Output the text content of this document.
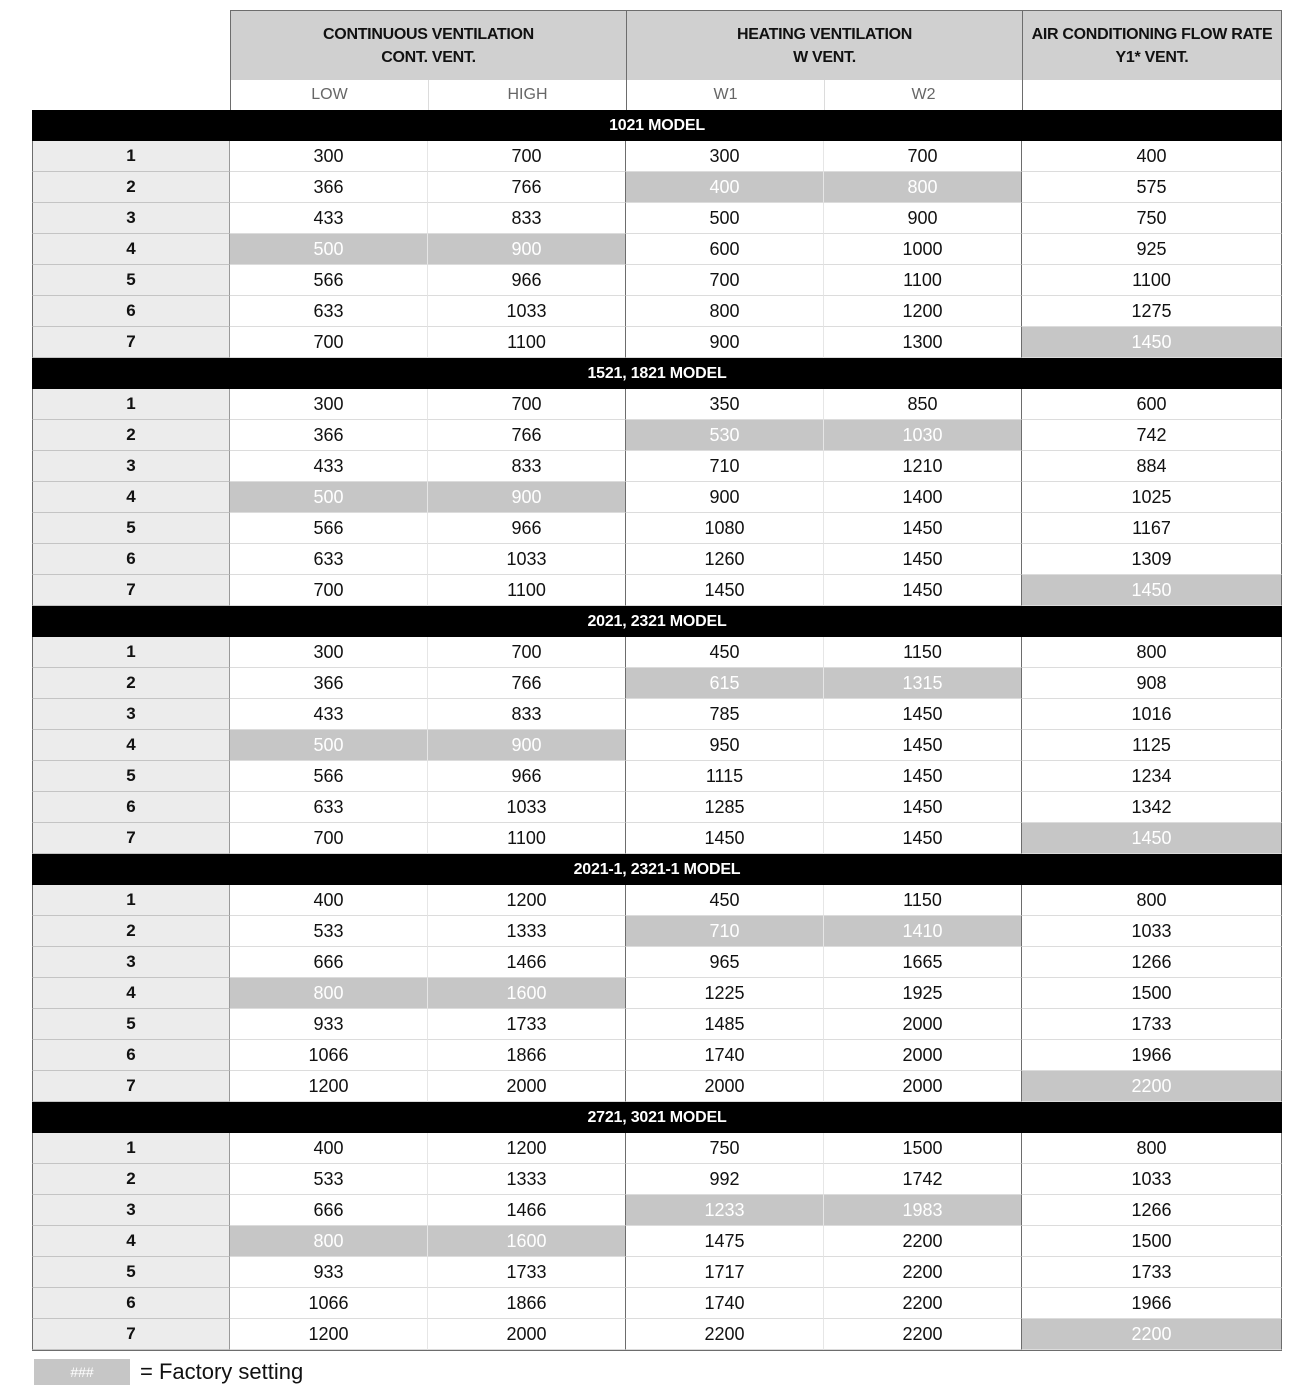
CONTINUOUS VENTILATION
CONT. VENT.
HEATING VENTILATION
W VENT.
AIR CONDITIONING FLOW RATE
Y1* VENT.
LOW	HIGH	W1	W2
1021 MODEL
1	300	700	300	700	400
2	366	766	400	800	575
3	433	833	500	900	750
4	500	900	600	1000	925
5	566	966	700	1100	1100
6	633	1033	800	1200	1275
7	700	1100	900	1300	1450
1521, 1821 MODEL
1	300	700	350	850	600
2	366	766	530	1030	742
3	433	833	710	1210	884
4	500	900	900	1400	1025
5	566	966	1080	1450	1167
6	633	1033	1260	1450	1309
7	700	1100	1450	1450	1450
2021, 2321 MODEL
1	300	700	450	1150	800
2	366	766	615	1315	908
3	433	833	785	1450	1016
4	500	900	950	1450	1125
5	566	966	1115	1450	1234
6	633	1033	1285	1450	1342
7	700	1100	1450	1450	1450
2021-1, 2321-1 MODEL
1	400	1200	450	1150	800
2	533	1333	710	1410	1033
3	666	1466	965	1665	1266
4	800	1600	1225	1925	1500
5	933	1733	1485	2000	1733
6	1066	1866	1740	2000	1966
7	1200	2000	2000	2000	2200
2721, 3021 MODEL
1	400	1200	750	1500	800
2	533	1333	992	1742	1033
3	666	1466	1233	1983	1266
4	800	1600	1475	2200	1500
5	933	1733	1717	2200	1733
6	1066	1866	1740	2200	1966
7	1200	2000	2200	2200	2200
###	= Factory setting
